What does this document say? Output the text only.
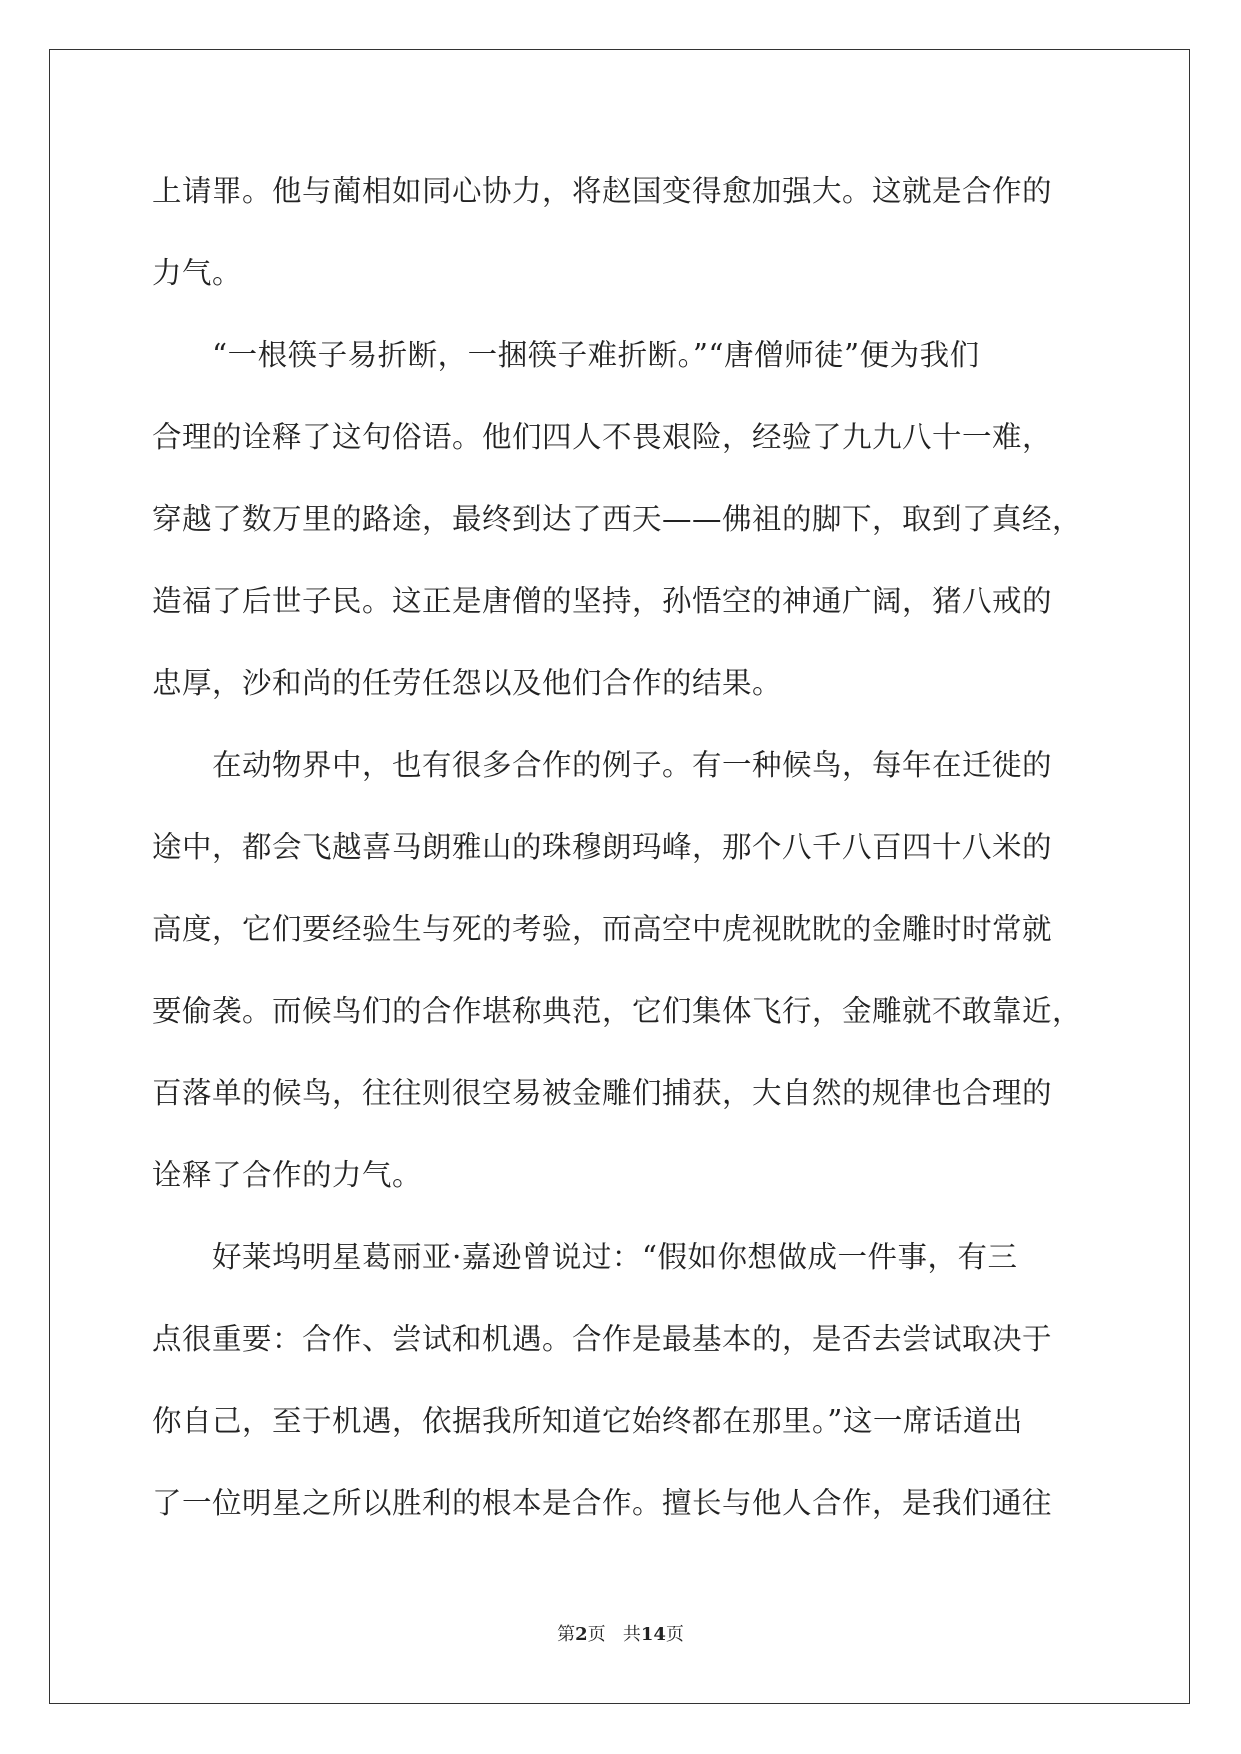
上请罪。他与蔺相如同心协力，将赵国变得愈加强大。这就是合作的
力气。
　　“一根筷子易折断，一捆筷子难折断。”“唐僧师徒”便为我们
合理的诠释了这句俗语。他们四人不畏艰险，经验了九九八十一难，
穿越了数万里的路途，最终到达了西天——佛祖的脚下，取到了真经，
造福了后世子民。这正是唐僧的坚持，孙悟空的神通广阔，猪八戒的
忠厚，沙和尚的任劳任怨以及他们合作的结果。
　　在动物界中，也有很多合作的例子。有一种候鸟，每年在迁徙的
途中，都会飞越喜马朗雅山的珠穆朗玛峰，那个八千八百四十八米的
高度，它们要经验生与死的考验，而高空中虎视眈眈的金雕时时常就
要偷袭。而候鸟们的合作堪称典范，它们集体飞行，金雕就不敢靠近，
百落单的候鸟，往往则很空易被金雕们捕获，大自然的规律也合理的
诠释了合作的力气。
　　好莱坞明星葛丽亚·嘉逊曾说过：“假如你想做成一件事，有三
点很重要：合作、尝试和机遇。合作是最基本的，是否去尝试取决于
你自己，至于机遇，依据我所知道它始终都在那里。”这一席话道出
了一位明星之所以胜利的根本是合作。擅长与他人合作，是我们通往
第2页 共14页
